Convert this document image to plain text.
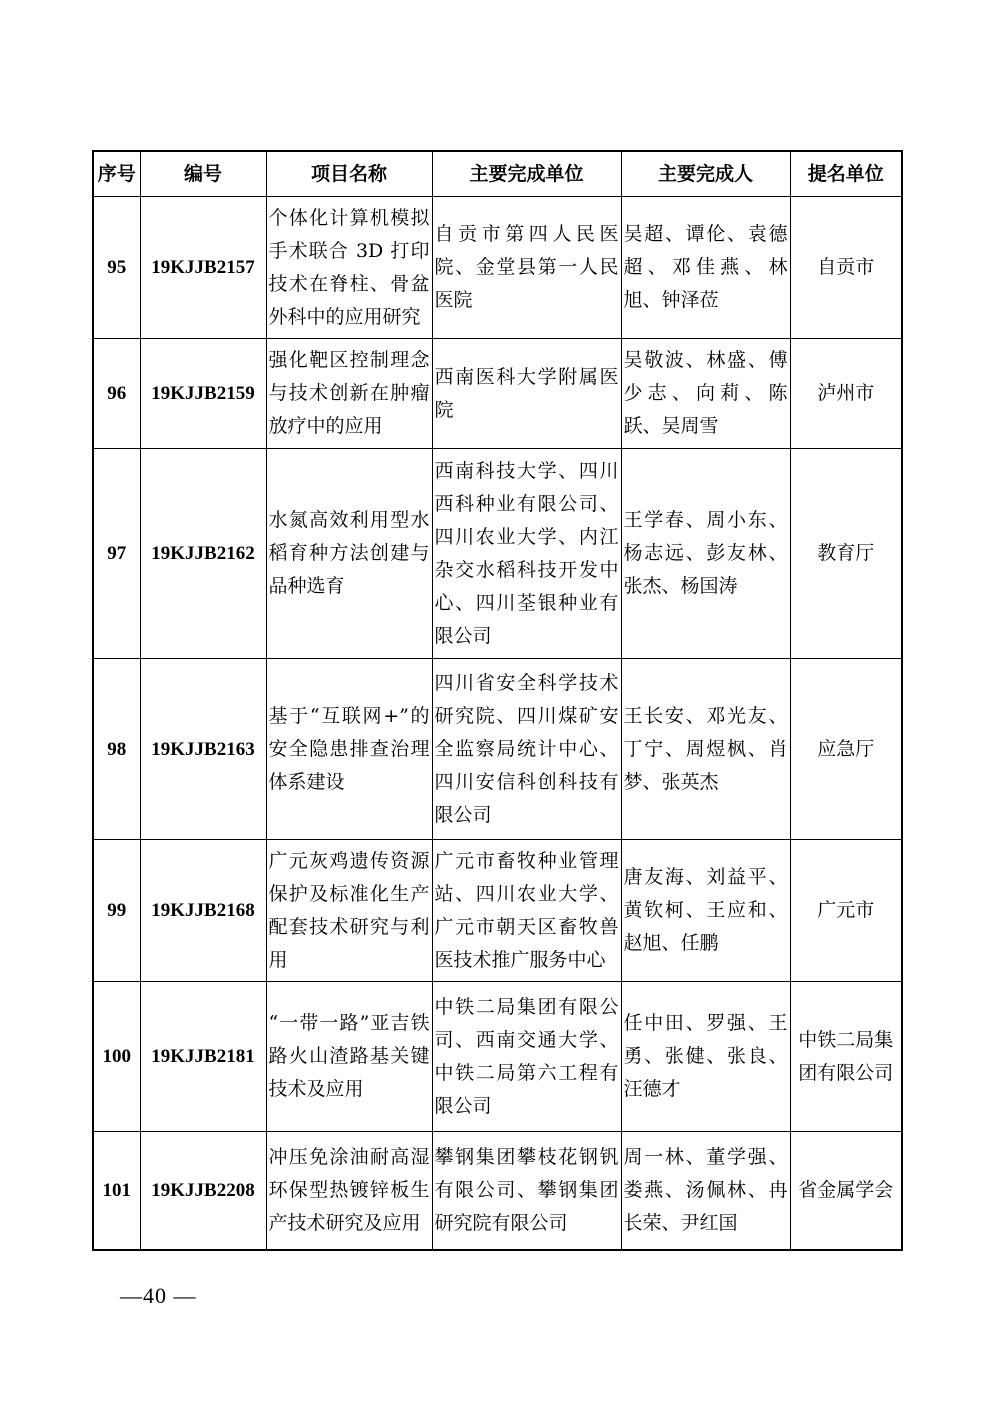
序号	编号	项目名称	主要完成单位	主要完成人	提名单位
95	19KJJB2157	个体化计算机模拟手术联合 3D 打印技术在脊柱、骨盆外科中的应用研究	自贡市第四人民医院、金堂县第一人民医院	吴超、谭伦、袁德超、邓佳燕、林旭、钟泽莅	自贡市
96	19KJJB2159	强化靶区控制理念与技术创新在肿瘤放疗中的应用	西南医科大学附属医院	吴敬波、林盛、傅少志、向莉、陈跃、吴周雪	泸州市
97	19KJJB2162	水氮高效利用型水稻育种方法创建与品种选育	西南科技大学、四川西科种业有限公司、四川农业大学、内江杂交水稻科技开发中心、四川荃银种业有限公司	王学春、周小东、杨志远、彭友林、张杰、杨国涛	教育厅
98	19KJJB2163	基于“互联网+”的安全隐患排查治理体系建设	四川省安全科学技术研究院、四川煤矿安全监察局统计中心、四川安信科创科技有限公司	王长安、邓光友、丁宁、周煜枫、肖梦、张英杰	应急厅
99	19KJJB2168	广元灰鸡遗传资源保护及标准化生产配套技术研究与利用	广元市畜牧种业管理站、四川农业大学、广元市朝天区畜牧兽医技术推广服务中心	唐友海、刘益平、黄钦柯、王应和、赵旭、任鹏	广元市
100	19KJJB2181	“一带一路”亚吉铁路火山渣路基关键技术及应用	中铁二局集团有限公司、西南交通大学、中铁二局第六工程有限公司	任中田、罗强、王勇、张健、张良、汪德才	中铁二局集团有限公司
101	19KJJB2208	冲压免涂油耐高湿环保型热镀锌板生产技术研究及应用	攀钢集团攀枝花钢钒有限公司、攀钢集团研究院有限公司	周一林、董学强、娄燕、汤佩林、冉长荣、尹红国	省金属学会
—40 —
